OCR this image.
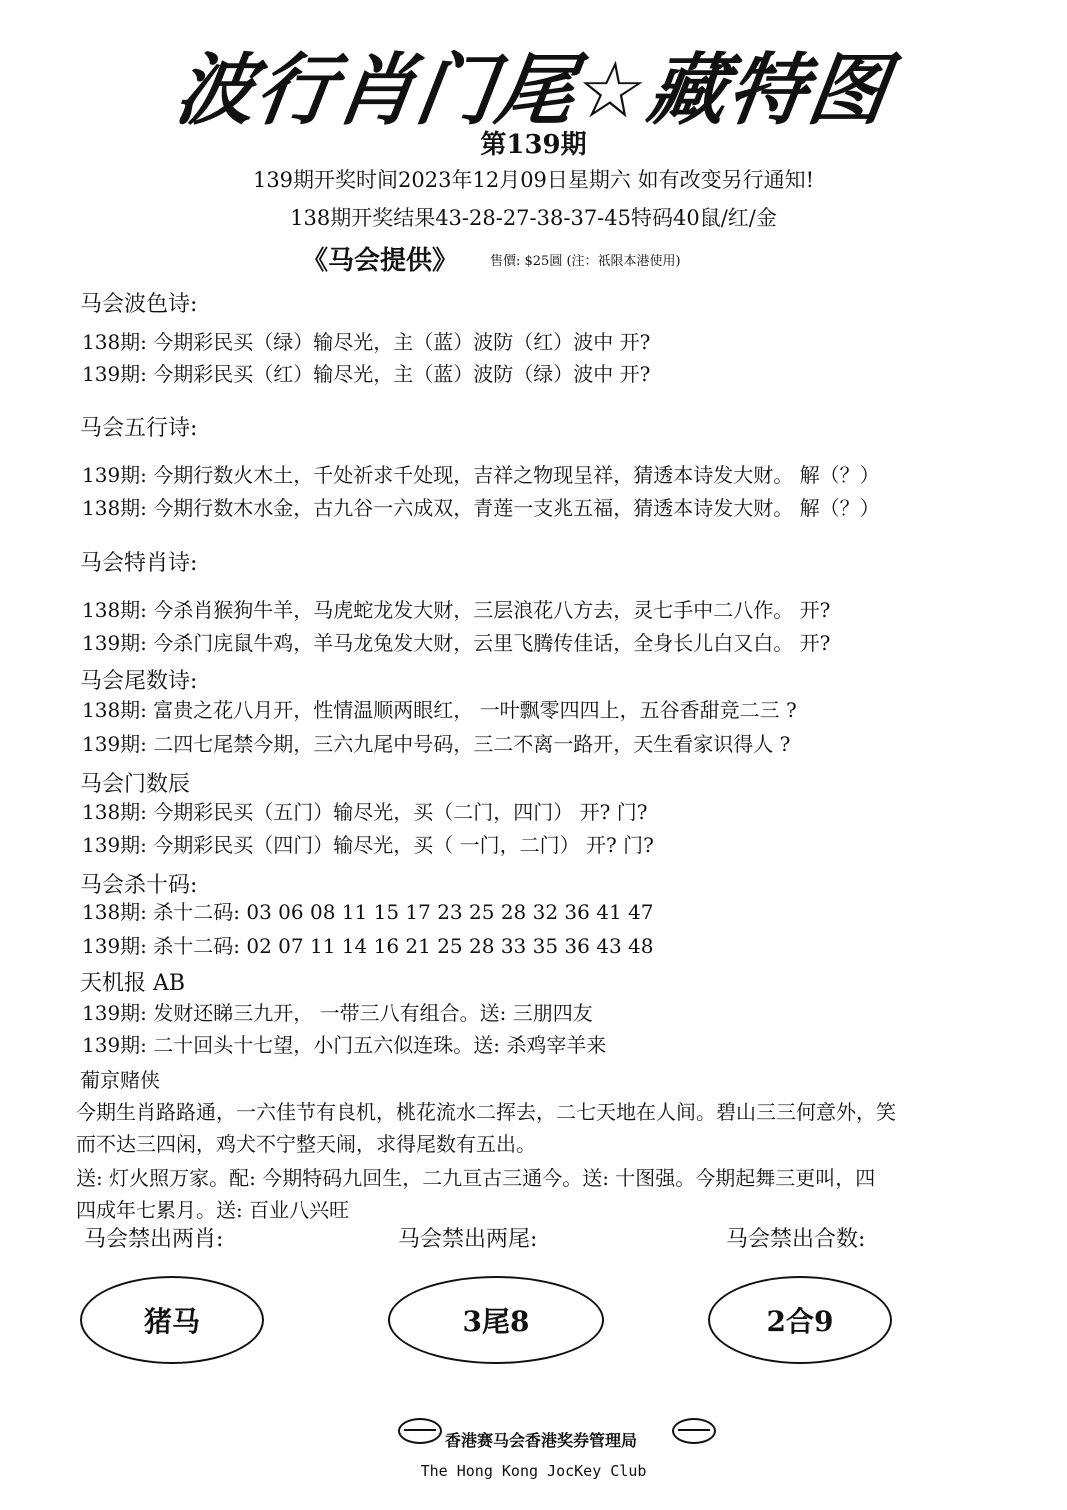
波行肖门尾☆藏特图
第139期
139期开奖时间2023年12月09日星期六 如有改变另行通知!
138期开奖结果43-28-27-38-37-45特码40鼠/红/金
《马会提供》 售價: $25圓 (注：祇限本港使用)
马会波色诗:
138期: 今期彩民买（绿）输尽光，主（蓝）波防（红）波中 开?
139期: 今期彩民买（红）输尽光，主（蓝）波防（绿）波中 开?
马会五行诗:
139期: 今期行数火木土，千处祈求千处现，吉祥之物现呈祥，猜透本诗发大财。 解（？）
138期: 今期行数木水金，古九谷一六成双，青莲一支兆五福，猜透本诗发大财。 解（？）
马会特肖诗:
138期: 今杀肖猴狗牛羊，马虎蛇龙发大财，三层浪花八方去，灵七手中二八作。 开?
139期: 今杀门庑鼠牛鸡，羊马龙兔发大财，云里飞腾传佳话，全身长儿白又白。 开?
马会尾数诗:
138期: 富贵之花八月开，性情温顺两眼红， 一叶飘零四四上，五谷香甜竞二三 ?
139期: 二四七尾禁今期，三六九尾中号码，三二不离一路开，天生看家识得人 ?
马会门数辰
138期: 今期彩民买（五门）输尽光，买（二门，四门） 开? 门?
139期: 今期彩民买（四门）输尽光，买（ 一门，二门） 开? 门?
马会杀十码:
138期: 杀十二码: 03 06 08 11 15 17 23 25 28 32 36 41 47
139期: 杀十二码: 02 07 11 14 16 21 25 28 33 35 36 43 48
天机报 AB
139期: 发财还睇三九开， 一带三八有组合。送: 三朋四友
139期: 二十回头十七望，小门五六似连珠。送: 杀鸡宰羊来
葡京赌侠
今期生肖路路通，一六佳节有良机，桃花流水二挥去，二七天地在人间。碧山三三何意外，笑
而不达三四闲，鸡犬不宁整天闹，求得尾数有五出。
送: 灯火照万家。配: 今期特码九回生，二九亘古三通今。送: 十图强。今期起舞三更叫，四
四成年七累月。送: 百业八兴旺
马会禁出两肖:	马会禁出两尾:	马会禁出合数:
猪马	3尾8	2合9
香港赛马会香港奖券管理局
The Hong Kong JocKey Club
